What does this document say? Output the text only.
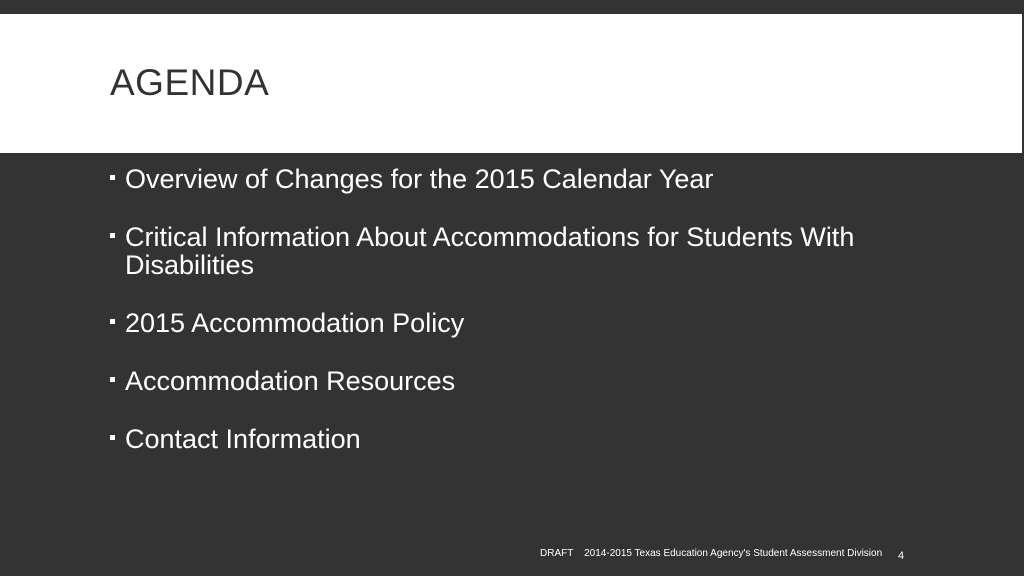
AGENDA
Overview of Changes for the 2015 Calendar Year
Critical Information About Accommodations for Students With Disabilities
2015 Accommodation Policy
Accommodation Resources
Contact Information
DRAFT 2014-2015 Texas Education Agency's Student Assessment Division 4
